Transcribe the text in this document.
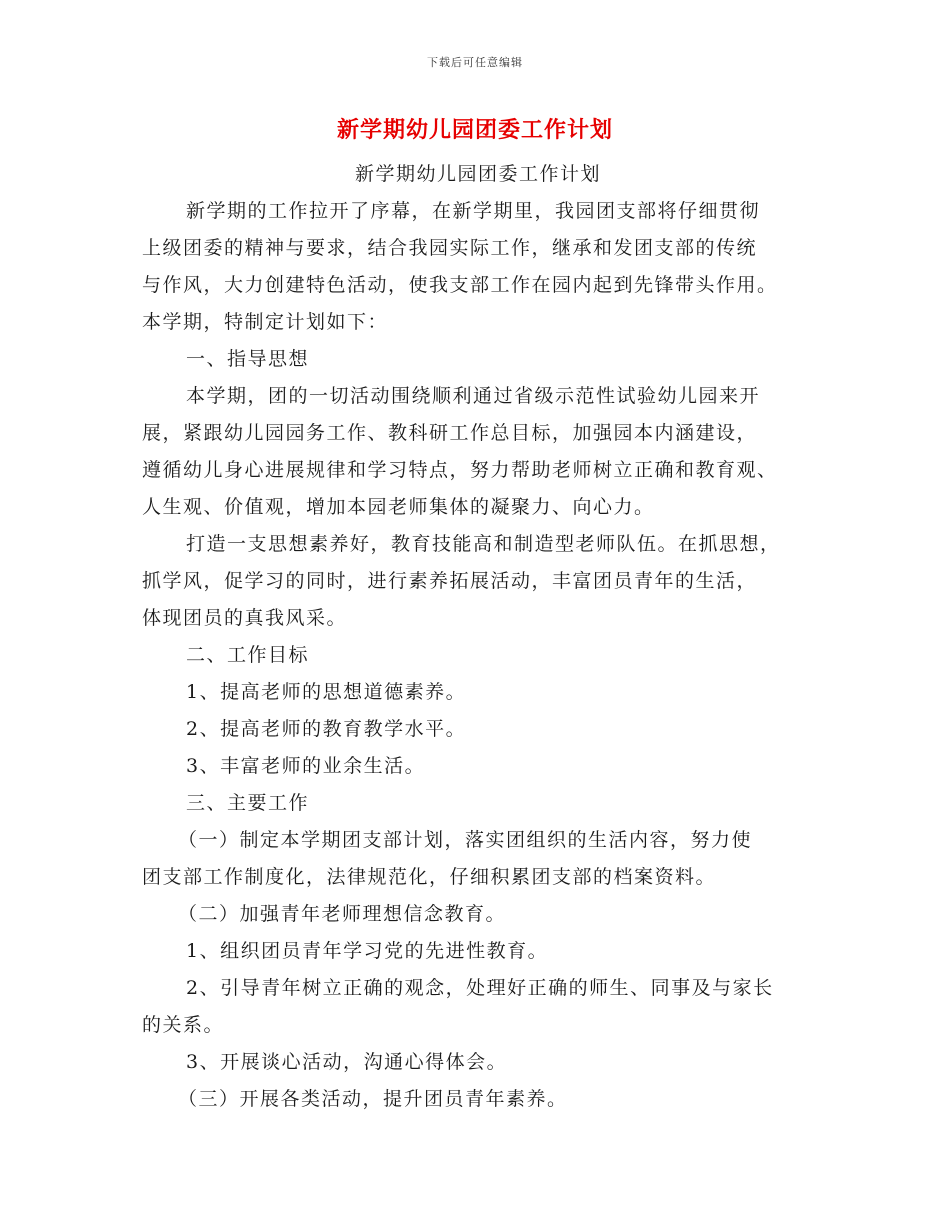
下载后可任意编辑
新学期幼儿园团委工作计划

新学期幼儿园团委工作计划

新学期的工作拉开了序幕，在新学期里，我园团支部将仔细贯彻

上级团委的精神与要求，结合我园实际工作，继承和发团支部的传统

与作风，大力创建特色活动，使我支部工作在园内起到先锋带头作用。

本学期，特制定计划如下：

一、指导思想

本学期，团的一切活动围绕顺利通过省级示范性试验幼儿园来开

展，紧跟幼儿园园务工作、教科研工作总目标，加强园本内涵建设，

遵循幼儿身心进展规律和学习特点，努力帮助老师树立正确和教育观、

人生观、价值观，增加本园老师集体的凝聚力、向心力。

打造一支思想素养好，教育技能高和制造型老师队伍。在抓思想，

抓学风，促学习的同时，进行素养拓展活动，丰富团员青年的生活，

体现团员的真我风采。

二、工作目标

1、提高老师的思想道德素养。

2、提高老师的教育教学水平。

3、丰富老师的业余生活。

三、主要工作

（一）制定本学期团支部计划，落实团组织的生活内容，努力使

团支部工作制度化，法律规范化，仔细积累团支部的档案资料。

（二）加强青年老师理想信念教育。

1、组织团员青年学习党的先进性教育。

2、引导青年树立正确的观念，处理好正确的师生、同事及与家长

的关系。

3、开展谈心活动，沟通心得体会。

（三）开展各类活动，提升团员青年素养。
